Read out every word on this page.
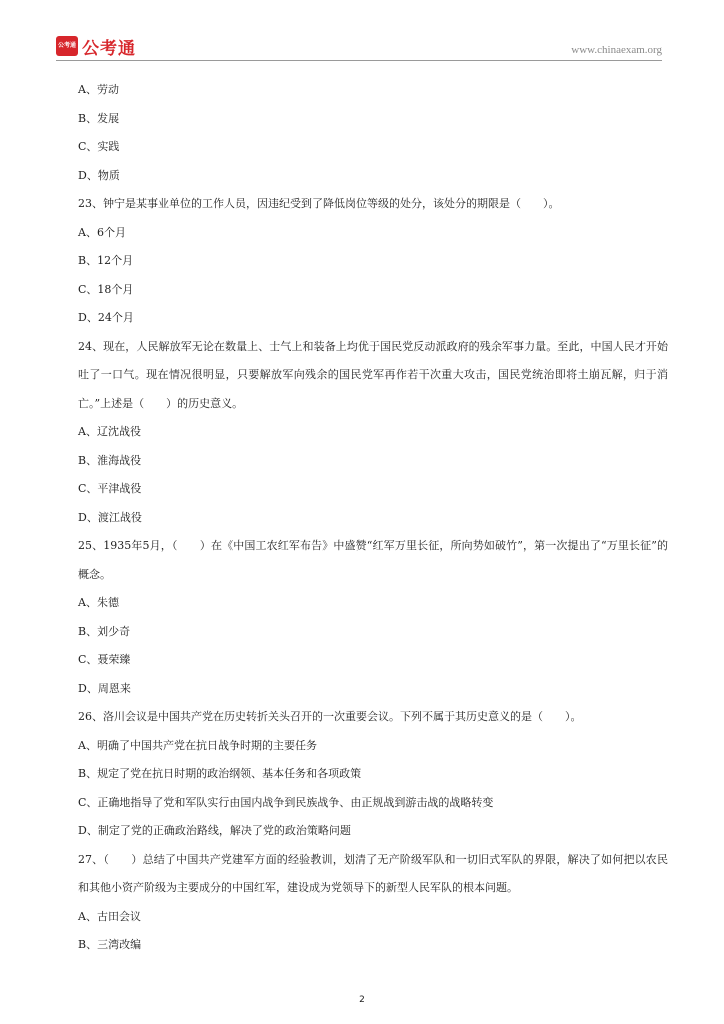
公考通 公考通	www.chinaexam.org
A、劳动
B、发展
C、实践
D、物质
23、钟宁是某事业单位的工作人员，因违纪受到了降低岗位等级的处分，该处分的期限是（　　）。
A、6个月
B、12个月
C、18个月
D、24个月
24、现在，人民解放军无论在数量上、士气上和装备上均优于国民党反动派政府的残余军事力量。至此，中国人民才开始吐了一口气。现在情况很明显，只要解放军向残余的国民党军再作若干次重大攻击，国民党统治即将土崩瓦解，归于消亡。”上述是（　　）的历史意义。
A、辽沈战役
B、淮海战役
C、平津战役
D、渡江战役
25、1935年5月，（　　）在《中国工农红军布告》中盛赞“红军万里长征，所向势如破竹”，第一次提出了“万里长征”的概念。
A、朱德
B、刘少奇
C、聂荣臻
D、周恩来
26、洛川会议是中国共产党在历史转折关头召开的一次重要会议。下列不属于其历史意义的是（　　）。
A、明确了中国共产党在抗日战争时期的主要任务
B、规定了党在抗日时期的政治纲领、基本任务和各项政策
C、正确地指导了党和军队实行由国内战争到民族战争、由正规战到游击战的战略转变
D、制定了党的正确政治路线，解决了党的政治策略问题
27、（　　）总结了中国共产党建军方面的经验教训，划清了无产阶级军队和一切旧式军队的界限，解决了如何把以农民和其他小资产阶级为主要成分的中国红军，建设成为党领导下的新型人民军队的根本问题。
A、古田会议
B、三湾改编
2
